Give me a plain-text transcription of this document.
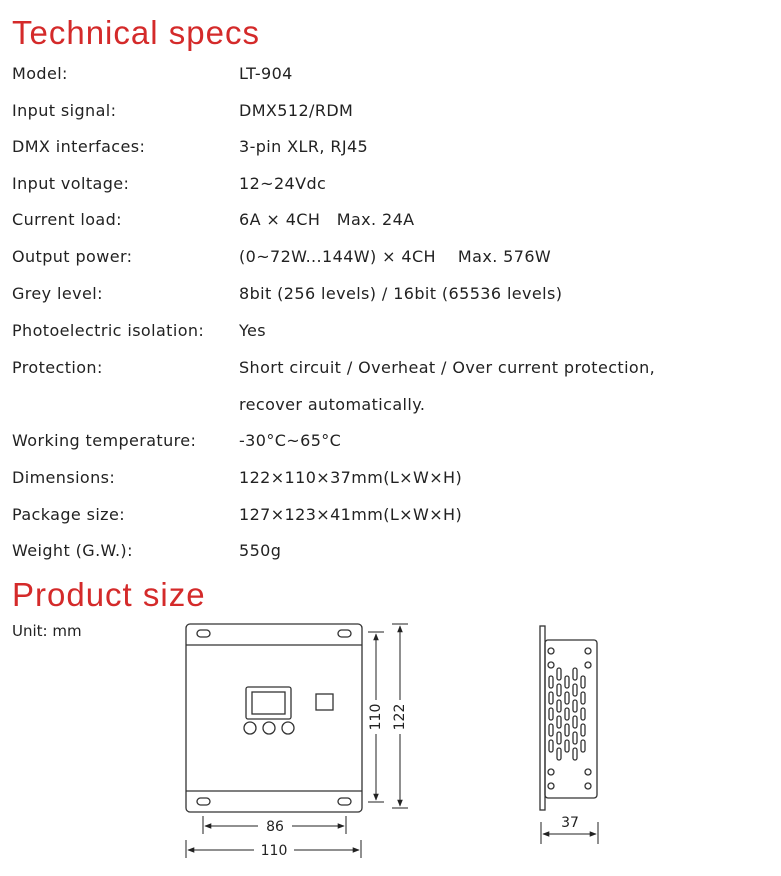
Technical specs
Model:	LT-904
Input signal:	DMX512/RDM
DMX interfaces:	3-pin XLR, RJ45
Input voltage:	12~24Vdc
Current load:	6A × 4CH   Max. 24A
Output power:	(0~72W...144W) × 4CH    Max. 576W
Grey level:	8bit (256 levels) / 16bit (65536 levels)
Photoelectric isolation: Yes
Protection:	Short circuit / Overheat / Over current protection,
recover automatically.
Working temperature:	-30°C~65°C
Dimensions:	122×110×37mm(L×W×H)
Package size:	127×123×41mm(L×W×H)
Weight (G.W.):	550g
Product size
Unit: mm
110 122
86
110
37
